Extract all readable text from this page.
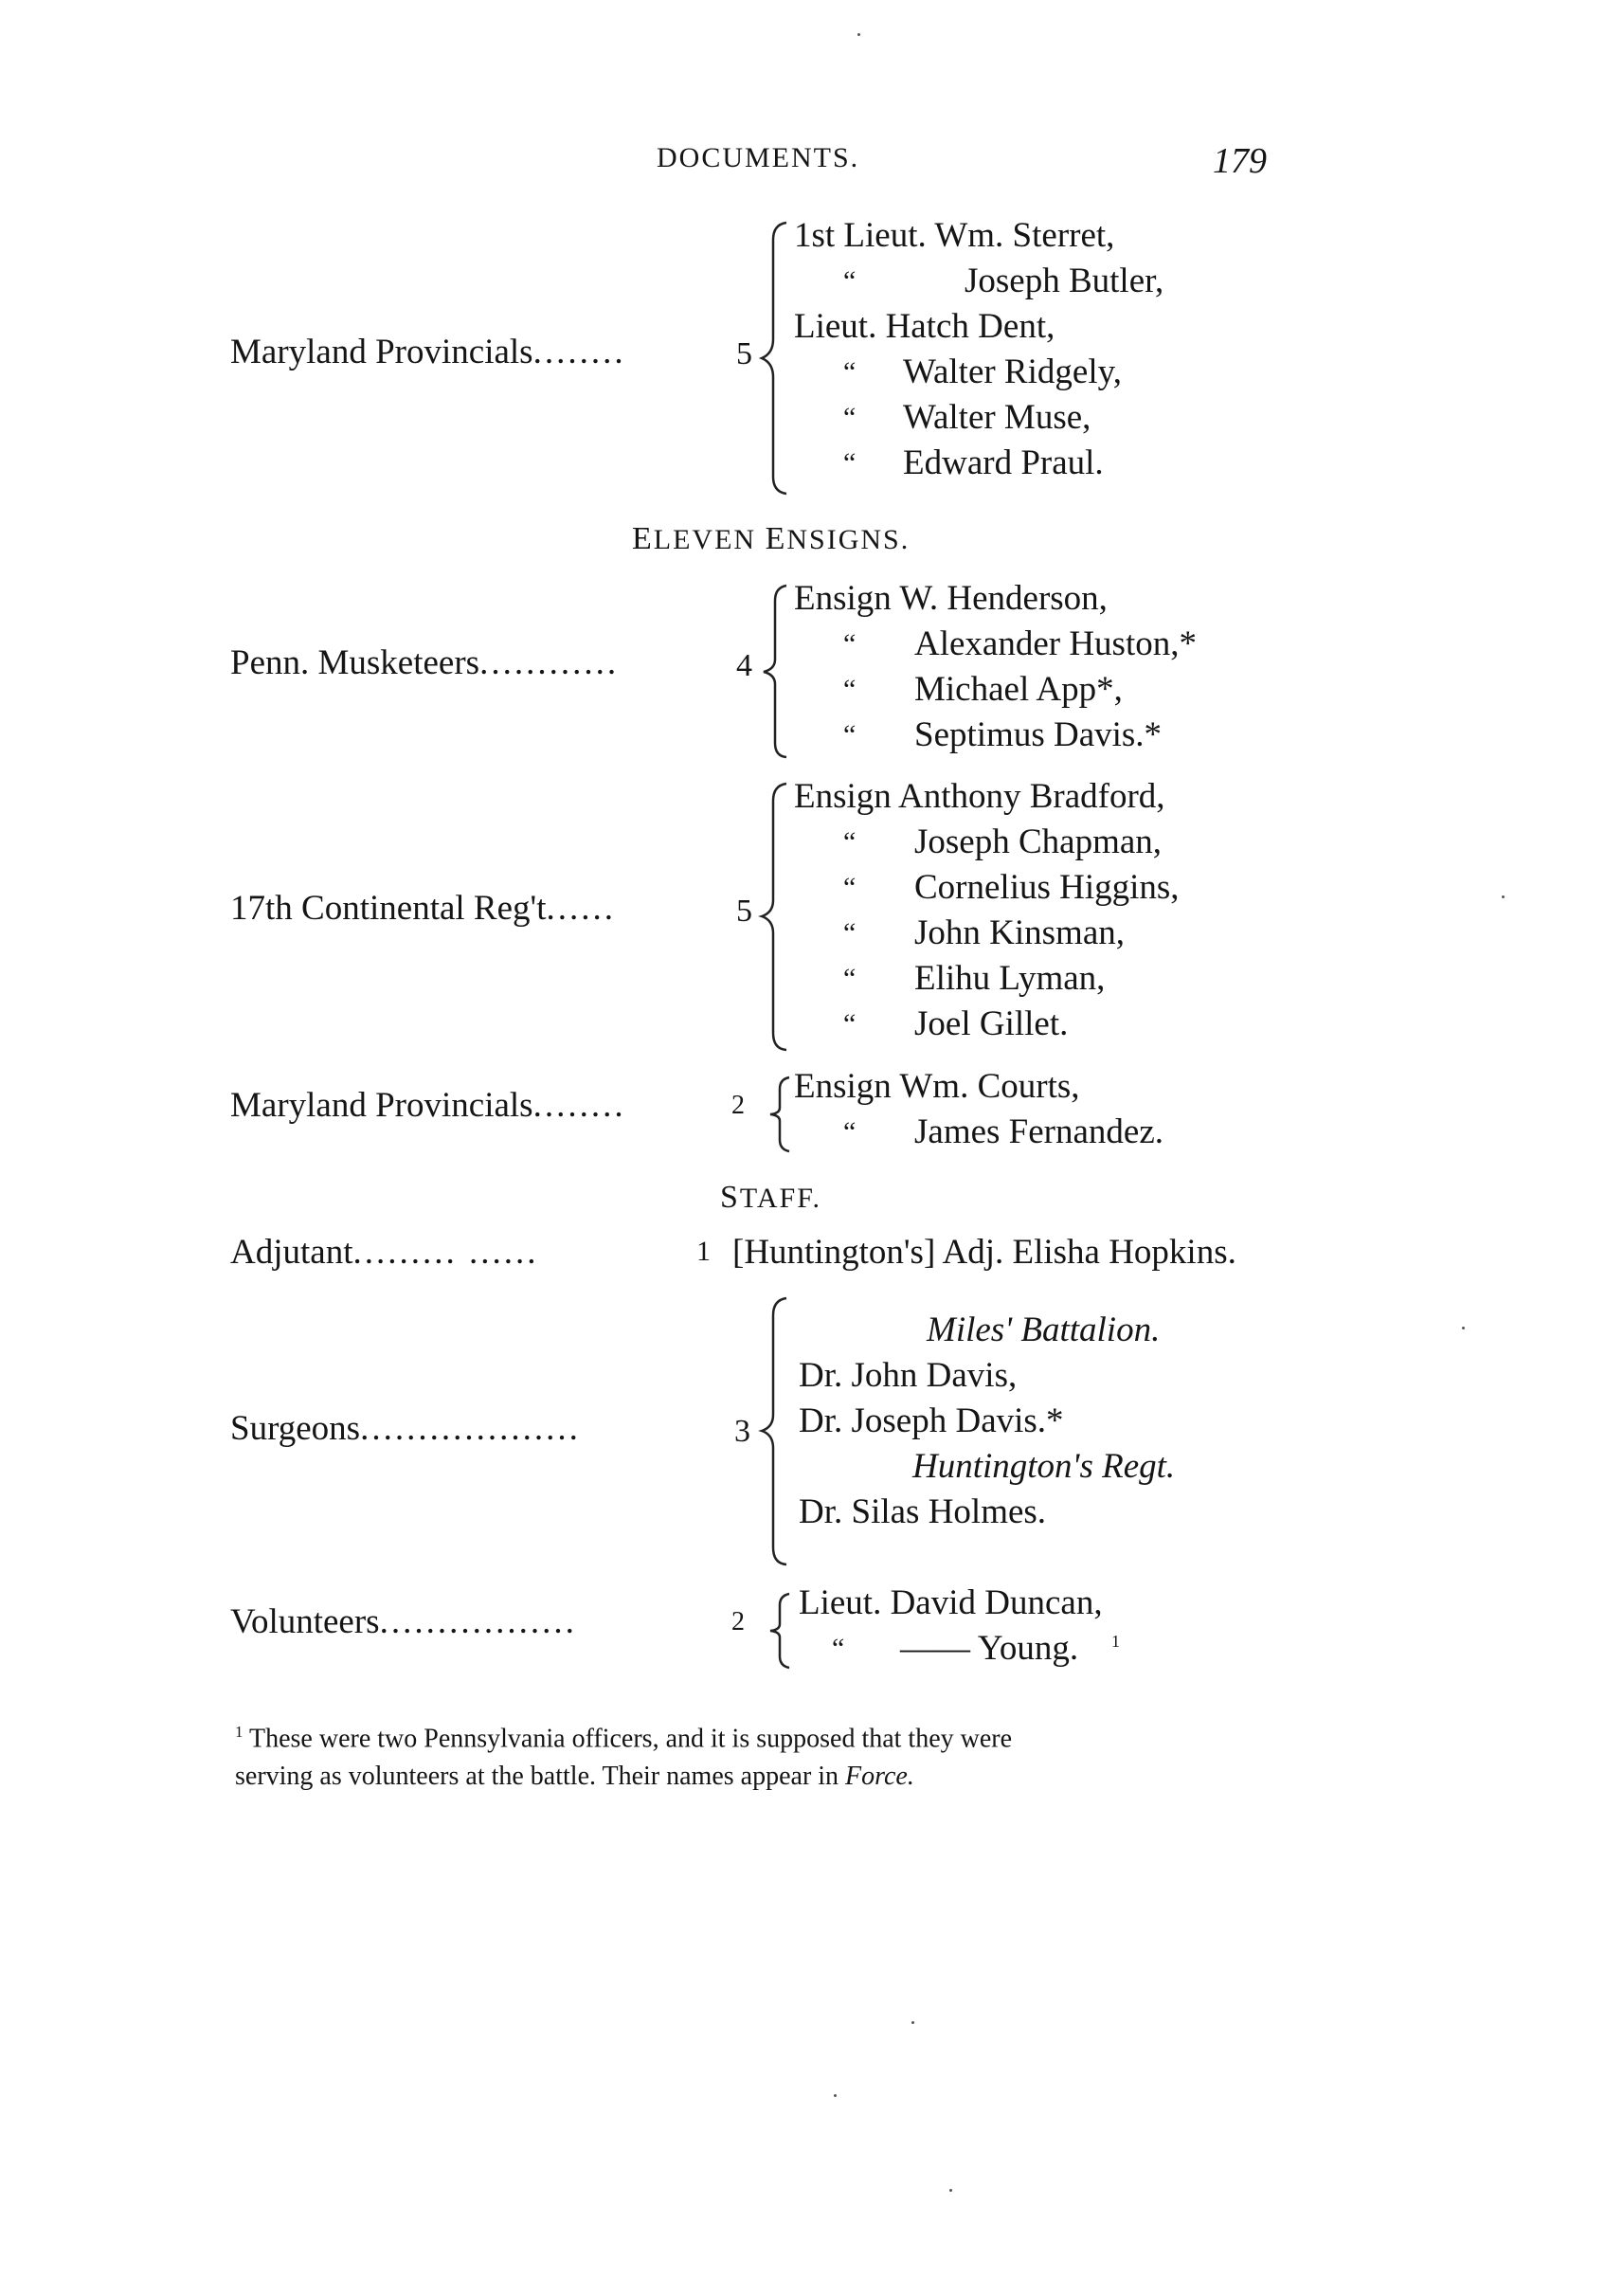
DOCUMENTS.	179
Maryland Provincials........	5
1st Lieut. Wm. Sterret,
“	Joseph Butler,
Lieut. Hatch Dent,
“ Walter Ridgely,
“ Walter Muse,
“ Edward Praul.
ELEVEN ENSIGNS.
Penn. Musketeers............	4
Ensign W. Henderson,
“ Alexander Huston,*
“ Michael App*,
“ Septimus Davis.*
17th Continental Reg't......	5
Ensign Anthony Bradford,
“ Joseph Chapman,
“ Cornelius Higgins,
“ John Kinsman,
“ Elihu Lyman,
“ Joel Gillet.
Maryland Provincials........	2 Ensign Wm. Courts,
“ James Fernandez.
STAFF.
Adjutant......... ......	1 [Huntington's] Adj. Elisha Hopkins.
Surgeons...................	3
Miles' Battalion.
Dr. John Davis,
Dr. Joseph Davis.*
Huntington's Regt.
Dr. Silas Holmes.
Volunteers.................	2 Lieut. David Duncan,
“ —— Young. 1

$^1$ These were two Pennsylvania officers, and it is supposed that they were

serving as volunteers at the battle. Their names appear in Force.
